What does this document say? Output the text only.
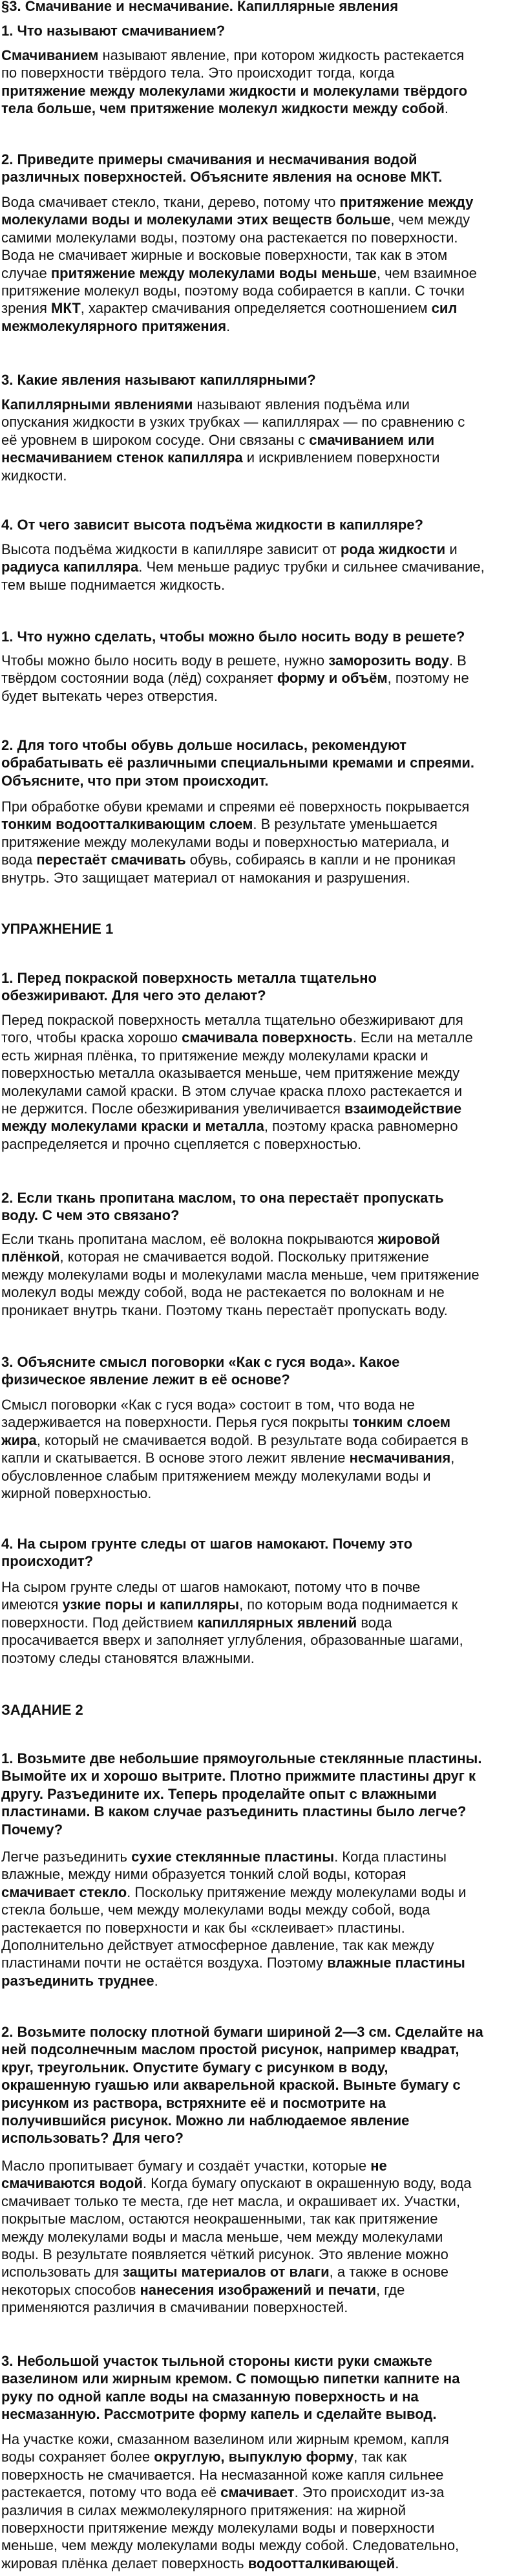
§3. Смачивание и несмачивание. Капиллярные явления
1. Что называют смачиванием?
Смачиванием называют явление, при котором жидкость растекается
по поверхности твёрдого тела. Это происходит тогда, когда
притяжение между молекулами жидкости и молекулами твёрдого
тела больше, чем притяжение молекул жидкости между собой.
2. Приведите примеры смачивания и несмачивания водой
различных поверхностей. Объясните явления на основе МКТ.
Вода смачивает стекло, ткани, дерево, потому что притяжение между
молекулами воды и молекулами этих веществ больше, чем между
самими молекулами воды, поэтому она растекается по поверхности.
Вода не смачивает жирные и восковые поверхности, так как в этом
случае притяжение между молекулами воды меньше, чем взаимное
притяжение молекул воды, поэтому вода собирается в капли. С точки
зрения МКТ, характер смачивания определяется соотношением сил
межмолекулярного притяжения.
3. Какие явления называют капиллярными?
Капиллярными явлениями называют явления подъёма или
опускания жидкости в узких трубках — капиллярах — по сравнению с
её уровнем в широком сосуде. Они связаны с смачиванием или
несмачиванием стенок капилляра и искривлением поверхности
жидкости.
4. От чего зависит высота подъёма жидкости в капилляре?
Высота подъёма жидкости в капилляре зависит от рода жидкости и
радиуса капилляра. Чем меньше радиус трубки и сильнее смачивание,
тем выше поднимается жидкость.
1. Что нужно сделать, чтобы можно было носить воду в решете?
Чтобы можно было носить воду в решете, нужно заморозить воду. В
твёрдом состоянии вода (лёд) сохраняет форму и объём, поэтому не
будет вытекать через отверстия.
2. Для того чтобы обувь дольше носилась, рекомендуют
обрабатывать её различными специальными кремами и спреями.
Объясните, что при этом происходит.
При обработке обуви кремами и спреями её поверхность покрывается
тонким водоотталкивающим слоем. В результате уменьшается
притяжение между молекулами воды и поверхностью материала, и
вода перестаёт смачивать обувь, собираясь в капли и не проникая
внутрь. Это защищает материал от намокания и разрушения.
УПРАЖНЕНИЕ 1
1. Перед покраской поверхность металла тщательно
обезжиривают. Для чего это делают?
Перед покраской поверхность металла тщательно обезжиривают для
того, чтобы краска хорошо смачивала поверхность. Если на металле
есть жирная плёнка, то притяжение между молекулами краски и
поверхностью металла оказывается меньше, чем притяжение между
молекулами самой краски. В этом случае краска плохо растекается и
не держится. После обезжиривания увеличивается взаимодействие
между молекулами краски и металла, поэтому краска равномерно
распределяется и прочно сцепляется с поверхностью.
2. Если ткань пропитана маслом, то она перестаёт пропускать
воду. С чем это связано?
Если ткань пропитана маслом, её волокна покрываются жировой
плёнкой, которая не смачивается водой. Поскольку притяжение
между молекулами воды и молекулами масла меньше, чем притяжение
молекул воды между собой, вода не растекается по волокнам и не
проникает внутрь ткани. Поэтому ткань перестаёт пропускать воду.
3. Объясните смысл поговорки «Как с гуся вода». Какое
физическое явление лежит в её основе?
Смысл поговорки «Как с гуся вода» состоит в том, что вода не
задерживается на поверхности. Перья гуся покрыты тонким слоем
жира, который не смачивается водой. В результате вода собирается в
капли и скатывается. В основе этого лежит явление несмачивания,
обусловленное слабым притяжением между молекулами воды и
жирной поверхностью.
4. На сыром грунте следы от шагов намокают. Почему это
происходит?
На сыром грунте следы от шагов намокают, потому что в почве
имеются узкие поры и капилляры, по которым вода поднимается к
поверхности. Под действием капиллярных явлений вода
просачивается вверх и заполняет углубления, образованные шагами,
поэтому следы становятся влажными.
ЗАДАНИЕ 2
1. Возьмите две небольшие прямоугольные стеклянные пластины.
Вымойте их и хорошо вытрите. Плотно прижмите пластины друг к
другу. Разъедините их. Теперь проделайте опыт с влажными
пластинами. В каком случае разъединить пластины было легче?
Почему?
Легче разъединить сухие стеклянные пластины. Когда пластины
влажные, между ними образуется тонкий слой воды, которая
смачивает стекло. Поскольку притяжение между молекулами воды и
стекла больше, чем между молекулами воды между собой, вода
растекается по поверхности и как бы «склеивает» пластины.
Дополнительно действует атмосферное давление, так как между
пластинами почти не остаётся воздуха. Поэтому влажные пластины
разъединить труднее.
2. Возьмите полоску плотной бумаги шириной 2—3 см. Сделайте на
ней подсолнечным маслом простой рисунок, например квадрат,
круг, треугольник. Опустите бумагу с рисунком в воду,
окрашенную гуашью или акварельной краской. Выньте бумагу с
рисунком из раствора, встряхните её и посмотрите на
получившийся рисунок. Можно ли наблюдаемое явление
использовать? Для чего?
Масло пропитывает бумагу и создаёт участки, которые не
смачиваются водой. Когда бумагу опускают в окрашенную воду, вода
смачивает только те места, где нет масла, и окрашивает их. Участки,
покрытые маслом, остаются неокрашенными, так как притяжение
между молекулами воды и масла меньше, чем между молекулами
воды. В результате появляется чёткий рисунок. Это явление можно
использовать для защиты материалов от влаги, а также в основе
некоторых способов нанесения изображений и печати, где
применяются различия в смачивании поверхностей.
3. Небольшой участок тыльной стороны кисти руки смажьте
вазелином или жирным кремом. С помощью пипетки капните на
руку по одной капле воды на смазанную поверхность и на
несмазанную. Рассмотрите форму капель и сделайте вывод.
На участке кожи, смазанном вазелином или жирным кремом, капля
воды сохраняет более округлую, выпуклую форму, так как
поверхность не смачивается. На несмазанной коже капля сильнее
растекается, потому что вода её смачивает. Это происходит из-за
различия в силах межмолекулярного притяжения: на жирной
поверхности притяжение между молекулами воды и поверхности
меньше, чем между молекулами воды между собой. Следовательно,
жировая плёнка делает поверхность водоотталкивающей.
